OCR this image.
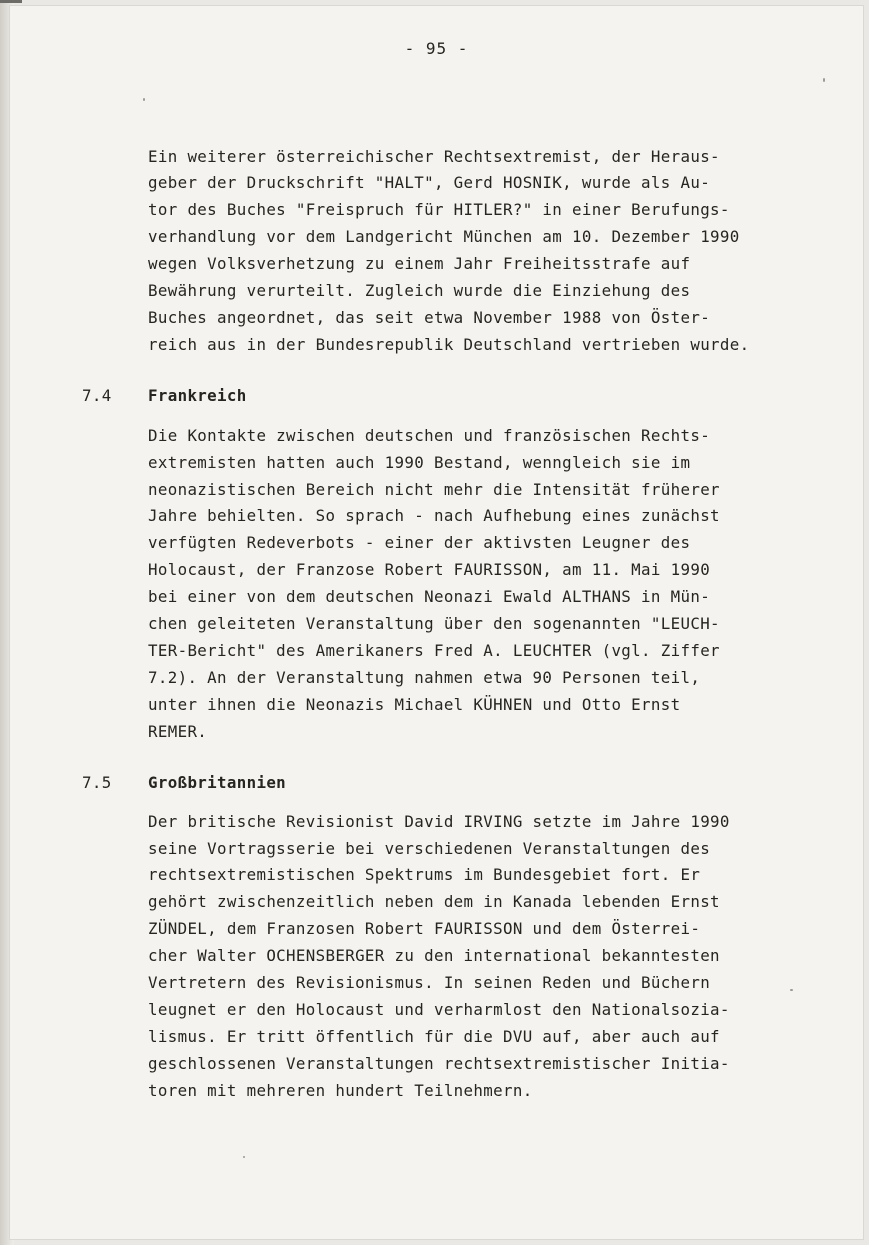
- 95 -
Ein weiterer österreichischer Rechtsextremist, der Heraus-
geber der Druckschrift "HALT", Gerd HOSNIK, wurde als Au-
tor des Buches "Freispruch für HITLER?" in einer Berufungs-
verhandlung vor dem Landgericht München am 10. Dezember 1990
wegen Volksverhetzung zu einem Jahr Freiheitsstrafe auf
Bewährung verurteilt. Zugleich wurde die Einziehung des
Buches angeordnet, das seit etwa November 1988 von Öster-
reich aus in der Bundesrepublik Deutschland vertrieben wurde.
7.4 Frankreich
Die Kontakte zwischen deutschen und französischen Rechts-
extremisten hatten auch 1990 Bestand, wenngleich sie im
neonazistischen Bereich nicht mehr die Intensität früherer
Jahre behielten. So sprach - nach Aufhebung eines zunächst
verfügten Redeverbots - einer der aktivsten Leugner des
Holocaust, der Franzose Robert FAURISSON, am 11. Mai 1990
bei einer von dem deutschen Neonazi Ewald ALTHANS in Mün-
chen geleiteten Veranstaltung über den sogenannten "LEUCH-
TER-Bericht" des Amerikaners Fred A. LEUCHTER (vgl. Ziffer
7.2). An der Veranstaltung nahmen etwa 90 Personen teil,
unter ihnen die Neonazis Michael KÜHNEN und Otto Ernst
REMER.
7.5 Großbritannien
Der britische Revisionist David IRVING setzte im Jahre 1990
seine Vortragsserie bei verschiedenen Veranstaltungen des
rechtsextremistischen Spektrums im Bundesgebiet fort. Er
gehört zwischenzeitlich neben dem in Kanada lebenden Ernst
ZÜNDEL, dem Franzosen Robert FAURISSON und dem Österrei-
cher Walter OCHENSBERGER zu den international bekanntesten
Vertretern des Revisionismus. In seinen Reden und Büchern
leugnet er den Holocaust und verharmlost den Nationalsozia-
lismus. Er tritt öffentlich für die DVU auf, aber auch auf
geschlossenen Veranstaltungen rechtsextremistischer Initia-
toren mit mehreren hundert Teilnehmern.
